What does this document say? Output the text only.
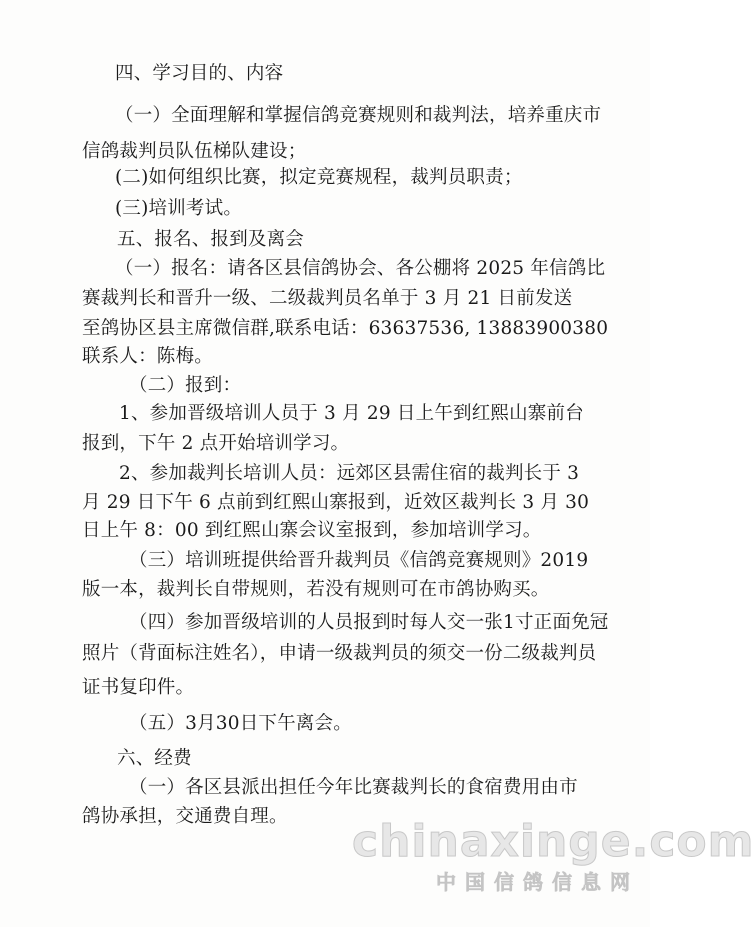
四、学习目的、内容
（一）全面理解和掌握信鸽竞赛规则和裁判法，培养重庆市
信鸽裁判员队伍梯队建设；
(二)如何组织比赛，拟定竞赛规程，裁判员职责；
(三)培训考试。
五、报名、报到及离会
（一）报名：请各区县信鸽协会、各公棚将 2025 年信鸽比
赛裁判长和晋升一级、二级裁判员名单于 3 月 21 日前发送
至鸽协区县主席微信群,联系电话：63637536, 13883900380
联系人：陈梅。
（二）报到：
1、参加晋级培训人员于 3 月 29 日上午到红熙山寨前台
报到，下午 2 点开始培训学习。
2、参加裁判长培训人员：远郊区县需住宿的裁判长于 3
月 29 日下午 6 点前到红熙山寨报到，近效区裁判长 3 月 30
日上午 8：00 到红熙山寨会议室报到，参加培训学习。
（三）培训班提供给晋升裁判员《信鸽竞赛规则》2019
版一本，裁判长自带规则，若没有规则可在市鸽协购买。
（四）参加晋级培训的人员报到时每人交一张1寸正面免冠
照片（背面标注姓名），申请一级裁判员的须交一份二级裁判员
证书复印件。
（五）3月30日下午离会。
六、经费
（一）各区县派出担任今年比赛裁判长的食宿费用由市
鸽协承担，交通费自理。 chinaxinge.com
中国信鸽信息网
